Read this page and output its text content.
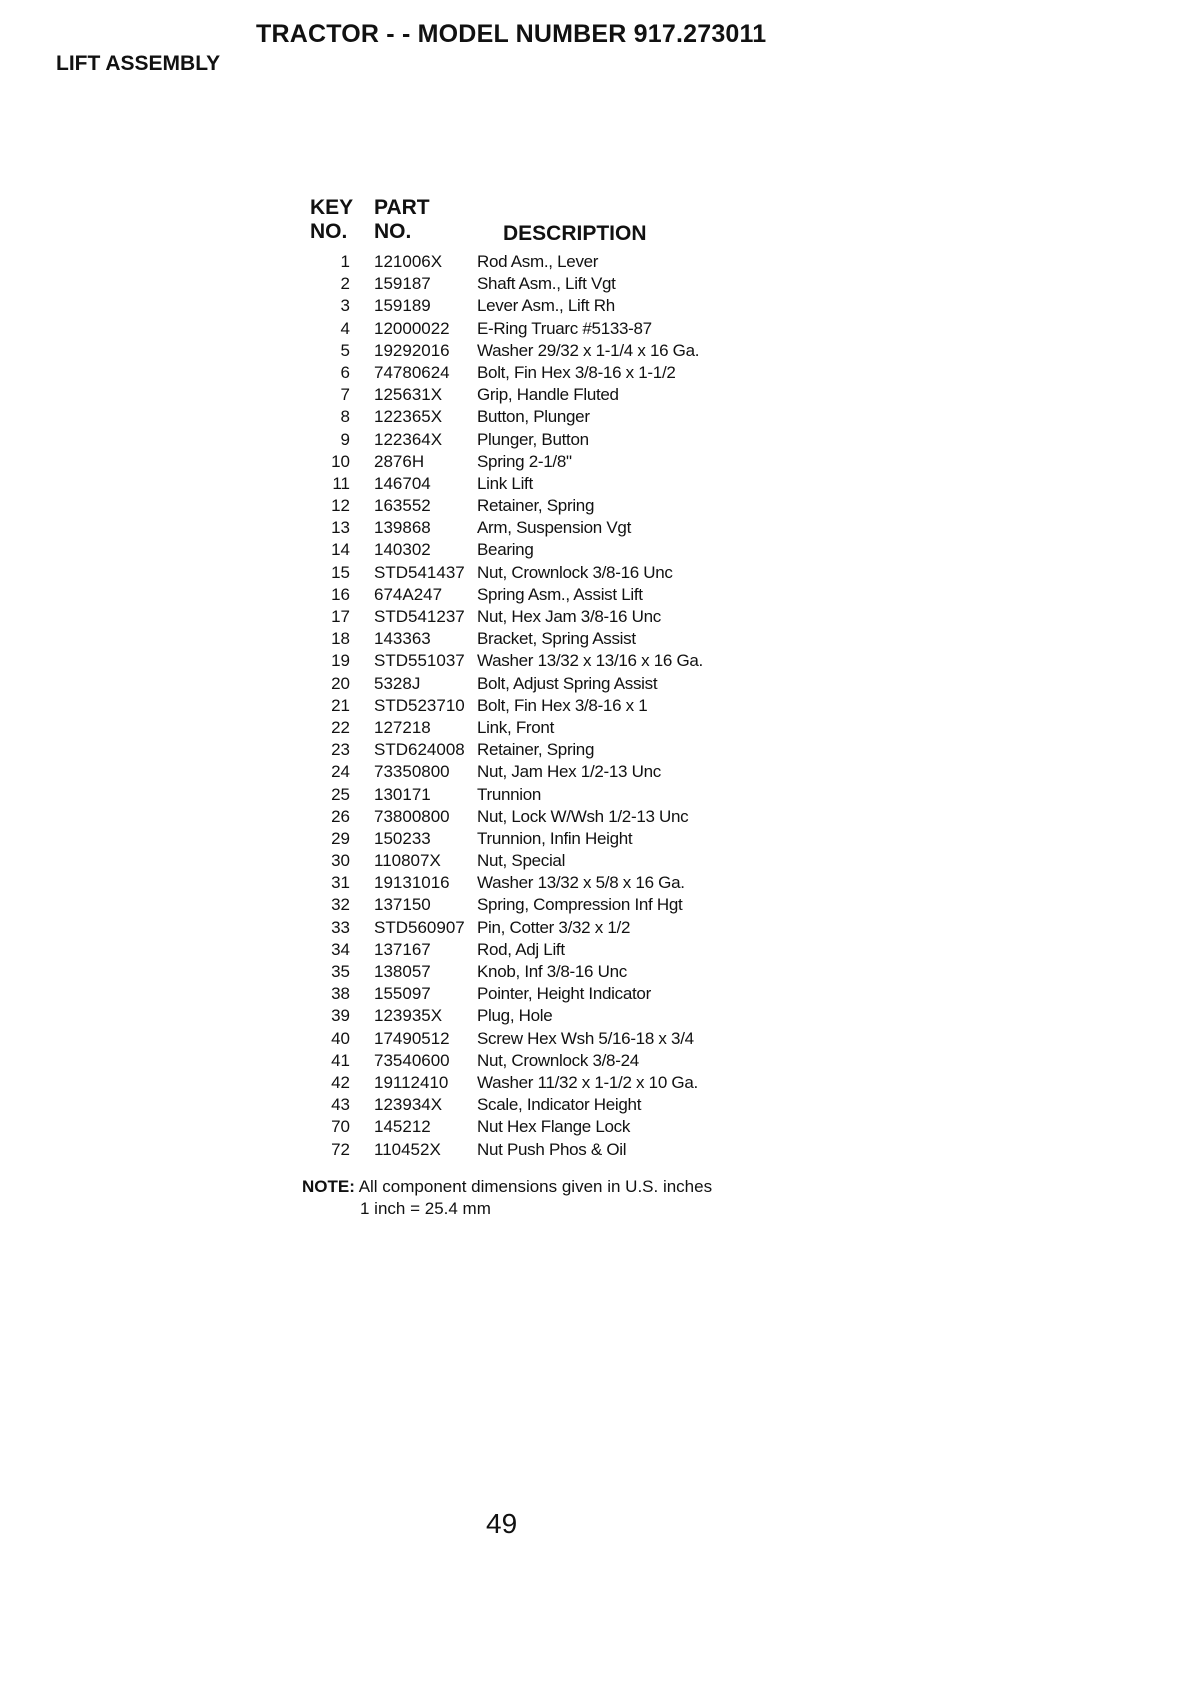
TRACTOR - - MODEL NUMBER 917.273011
LIFT ASSEMBLY
KEY
NO.
PART
NO.	DESCRIPTION
1	121006X	Rod Asm., Lever
2	159187	Shaft Asm., Lift Vgt
3	159189	Lever Asm., Lift Rh
4	12000022	E-Ring Truarc #5133-87
5	19292016	Washer 29/32 x 1-1/4 x 16 Ga.
6	74780624	Bolt, Fin Hex 3/8-16 x 1-1/2
7	125631X	Grip, Handle Fluted
8	122365X	Button, Plunger
9	122364X	Plunger, Button
10	2876H	Spring 2-1/8"
11	146704	Link Lift
12	163552	Retainer, Spring
13	139868	Arm, Suspension Vgt
14	140302	Bearing
15	STD541437 Nut, Crownlock 3/8-16 Unc
16	674A247	Spring Asm., Assist Lift
17	STD541237 Nut, Hex Jam 3/8-16 Unc
18	143363	Bracket, Spring Assist
19	STD551037 Washer 13/32 x 13/16 x 16 Ga.
20	5328J	Bolt, Adjust Spring Assist
21	STD523710 Bolt, Fin Hex 3/8-16 x 1
22	127218	Link, Front
23	STD624008 Retainer, Spring
24	73350800	Nut, Jam Hex 1/2-13 Unc
25	130171	Trunnion
26	73800800	Nut, Lock W/Wsh 1/2-13 Unc
29	150233	Trunnion, Infin Height
30	110807X	Nut, Special
31	19131016	Washer 13/32 x 5/8 x 16 Ga.
32	137150	Spring, Compression Inf Hgt
33	STD560907 Pin, Cotter 3/32 x 1/2
34	137167	Rod, Adj Lift
35	138057	Knob, Inf 3/8-16 Unc
38	155097	Pointer, Height Indicator
39	123935X	Plug, Hole
40	17490512	Screw Hex Wsh 5/16-18 x 3/4
41	73540600	Nut, Crownlock 3/8-24
42	19112410	Washer 11/32 x 1-1/2 x 10 Ga.
43	123934X	Scale, Indicator Height
70	145212	Nut Hex Flange Lock
72	110452X	Nut Push Phos & Oil
NOTE: All component dimensions given in U.S. inches
1 inch = 25.4 mm
49
